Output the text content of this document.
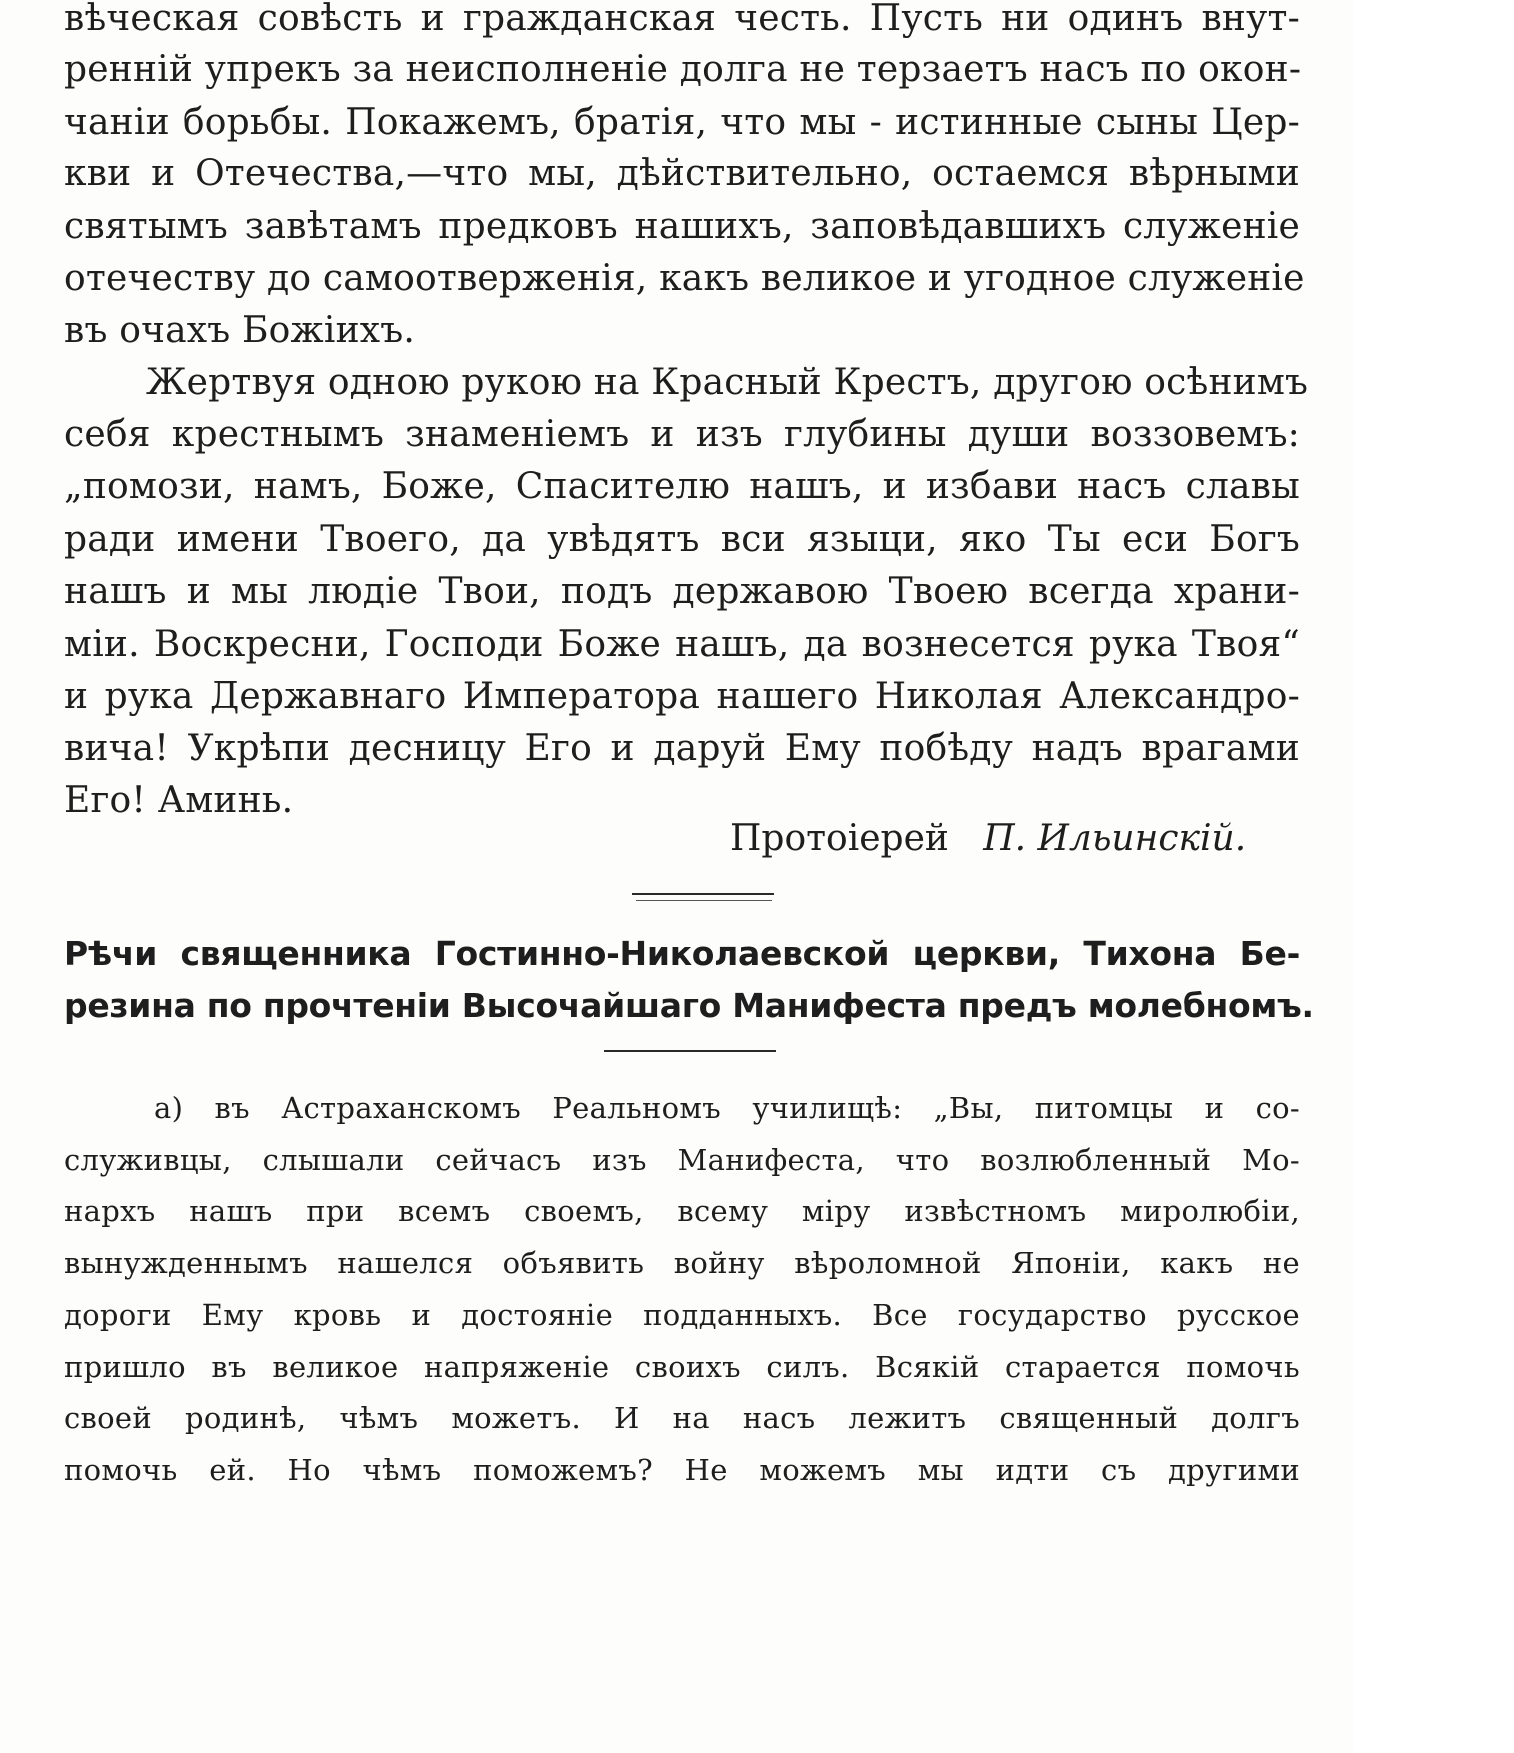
вѣческая совѣсть и гражданская честь. Пусть ни одинъ внут-
ренній упрекъ за неисполненіе долга не терзаетъ насъ по окон-
чаніи борьбы. Покажемъ, братія, что мы - истинные сыны Цер-
кви и Отечества,—что мы, дѣйствительно, остаемся вѣрными
святымъ завѣтамъ предковъ нашихъ, заповѣдавшихъ служеніе
отечеству до самоотверженія, какъ великое и угодное служеніе
въ очахъ Божіихъ.
Жертвуя одною рукою на Красный Крестъ, другою осѣнимъ
себя крестнымъ знаменіемъ и изъ глубины души воззовемъ:
„помози, намъ, Боже, Спасителю нашъ, и избави насъ славы
ради имени Твоего, да увѣдятъ вси языци, яко Ты еси Богъ
нашъ и мы людіе Твои, подъ державою Твоею всегда храни-
міи. Воскресни, Господи Боже нашъ, да вознесется рука Твоя“
и рука Державнаго Императора нашего Николая Александро-
вича! Укрѣпи десницу Его и даруй Ему побѣду надъ врагами
Его! Аминь.
Протоіерей П. Ильинскій.
Рѣчи священника Гостинно-Николаевской церкви, Тихона Бе-
резина по прочтеніи Высочайшаго Манифеста предъ молебномъ.
а) въ Астраханскомъ Реальномъ училищѣ: „Вы, питомцы и со-
служивцы, слышали сейчасъ изъ Манифеста, что возлюбленный Мо-
нархъ нашъ при всемъ своемъ, всему міру извѣстномъ миролюбіи,
вынужденнымъ нашелся объявить войну вѣроломной Японіи, какъ не
дороги Ему кровь и достояніе подданныхъ. Все государство русское
пришло въ великое напряженіе своихъ силъ. Всякій старается помочь
своей родинѣ, чѣмъ можетъ. И на насъ лежитъ священный долгъ
помочь ей. Но чѣмъ поможемъ? Не можемъ мы идти съ другими
